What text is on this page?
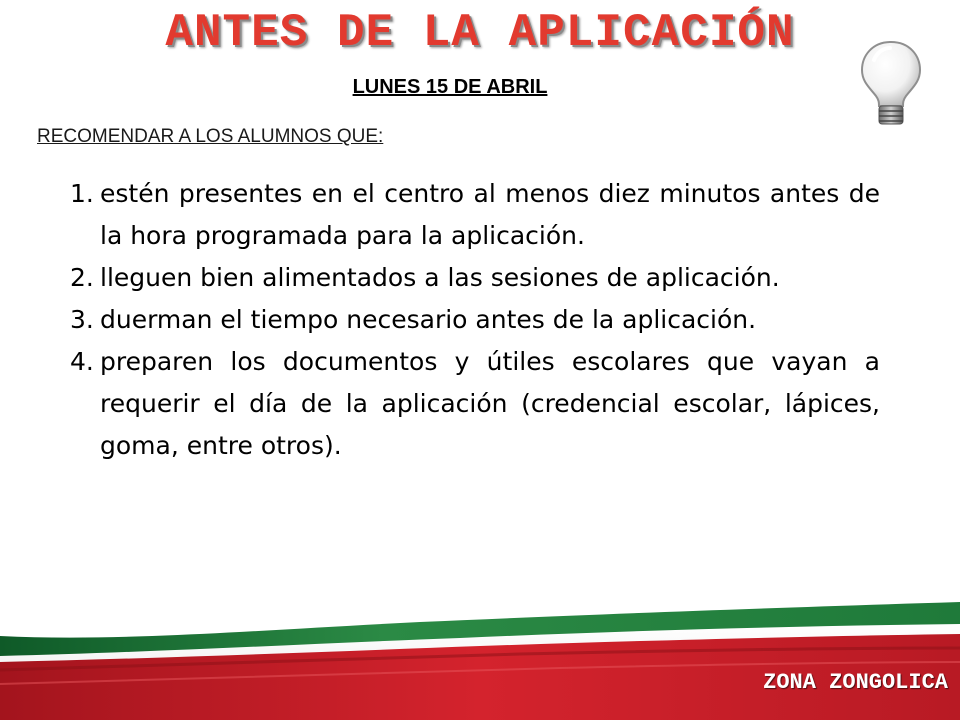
ANTES DE LA APLICACIÓN

LUNES 15 DE ABRIL

RECOMENDAR A LOS ALUMNOS QUE:

1. estén presentes en el centro al menos diez minutos antes de la hora programada para la aplicación.
2. lleguen bien alimentados a las sesiones de aplicación.
3. duerman el tiempo necesario antes de la aplicación.
4. preparen los documentos y útiles escolares que vayan a requerir el día de la aplicación (credencial escolar, lápices, goma, entre otros).

ZONA ZONGOLICA
